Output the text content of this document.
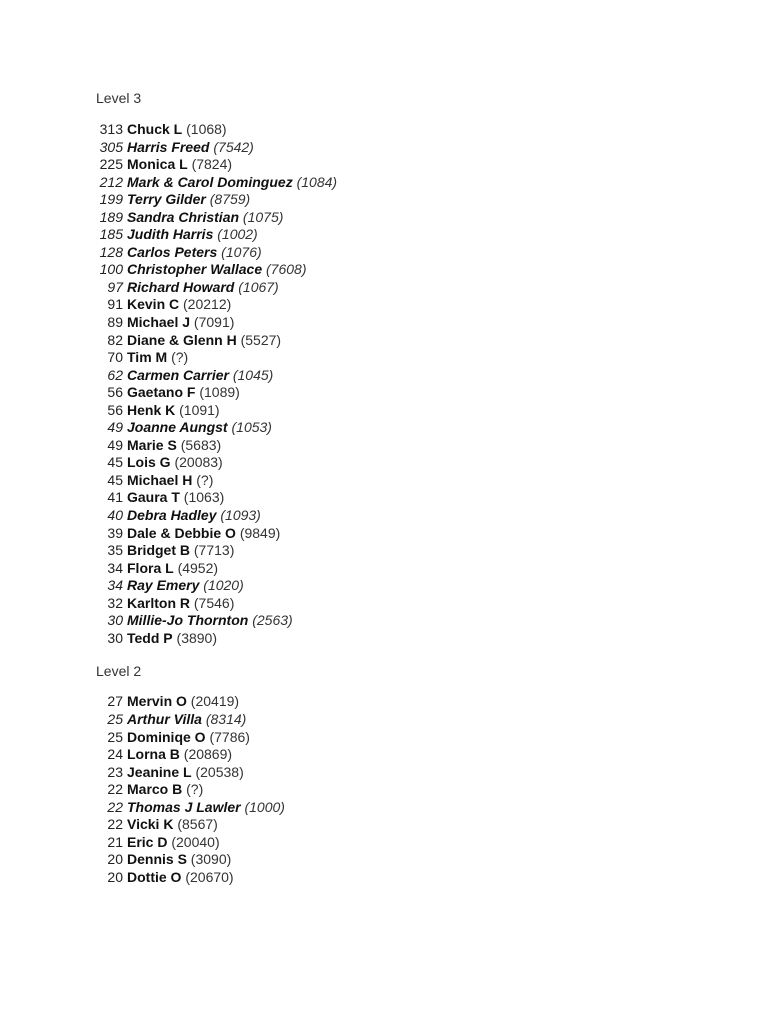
Level 3
313 Chuck L (1068)
305 Harris Freed (7542)
225 Monica L (7824)
212 Mark & Carol Dominguez (1084)
199 Terry Gilder (8759)
189 Sandra Christian (1075)
185 Judith Harris (1002)
128 Carlos Peters (1076)
100 Christopher Wallace (7608)
97 Richard Howard (1067)
91 Kevin C (20212)
89 Michael J (7091)
82 Diane & Glenn H (5527)
70 Tim M (?)
62 Carmen Carrier (1045)
56 Gaetano F (1089)
56 Henk K (1091)
49 Joanne Aungst (1053)
49 Marie S (5683)
45 Lois G (20083)
45 Michael H (?)
41 Gaura T (1063)
40 Debra Hadley (1093)
39 Dale & Debbie O (9849)
35 Bridget B (7713)
34 Flora L (4952)
34 Ray Emery (1020)
32 Karlton R (7546)
30 Millie-Jo Thornton (2563)
30 Tedd P (3890)
Level 2
27 Mervin O (20419)
25 Arthur Villa (8314)
25 Dominiqe O (7786)
24 Lorna B (20869)
23 Jeanine L (20538)
22 Marco B (?)
22 Thomas J Lawler (1000)
22 Vicki K (8567)
21 Eric D (20040)
20 Dennis S (3090)
20 Dottie O (20670)
